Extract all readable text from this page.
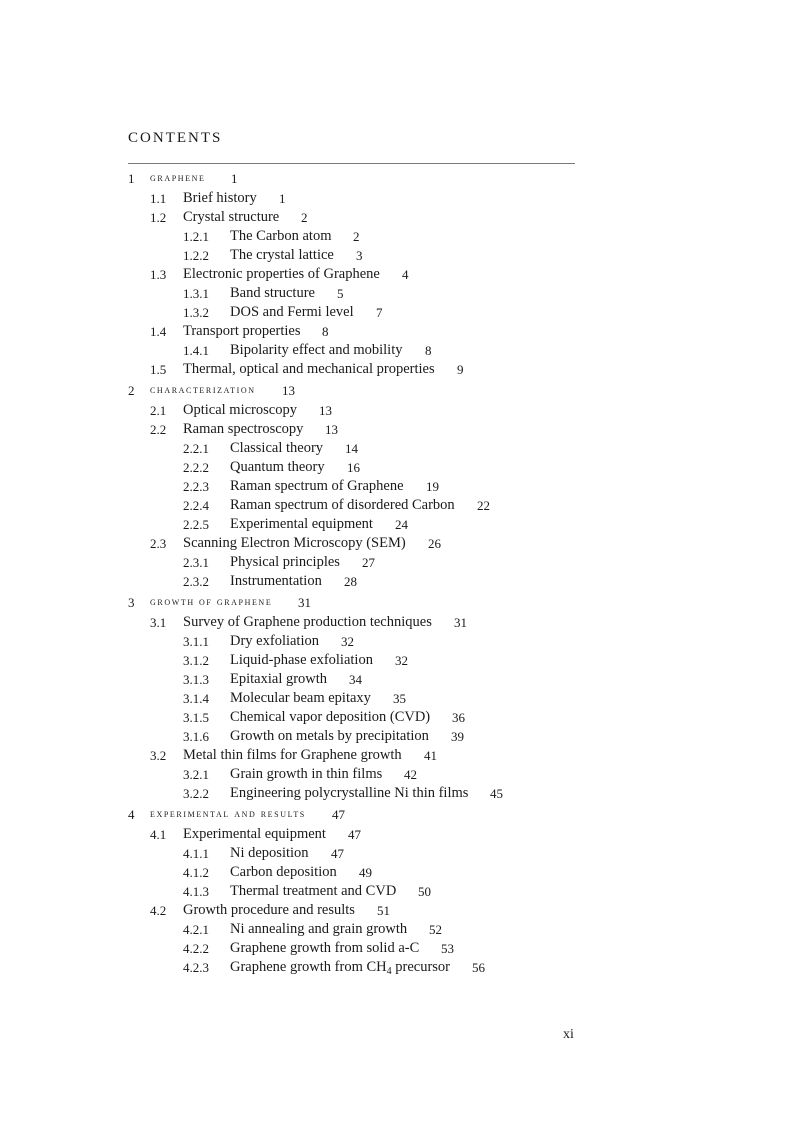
CONTENTS
1 graphene 1
1.1 Brief history 1
1.2 Crystal structure 2
1.2.1 The Carbon atom 2
1.2.2 The crystal lattice 3
1.3 Electronic properties of Graphene 4
1.3.1 Band structure 5
1.3.2 DOS and Fermi level 7
1.4 Transport properties 8
1.4.1 Bipolarity effect and mobility 8
1.5 Thermal, optical and mechanical properties 9
2 characterization 13
2.1 Optical microscopy 13
2.2 Raman spectroscopy 13
2.2.1 Classical theory 14
2.2.2 Quantum theory 16
2.2.3 Raman spectrum of Graphene 19
2.2.4 Raman spectrum of disordered Carbon 22
2.2.5 Experimental equipment 24
2.3 Scanning Electron Microscopy (SEM) 26
2.3.1 Physical principles 27
2.3.2 Instrumentation 28
3 growth of graphene 31
3.1 Survey of Graphene production techniques 31
3.1.1 Dry exfoliation 32
3.1.2 Liquid-phase exfoliation 32
3.1.3 Epitaxial growth 34
3.1.4 Molecular beam epitaxy 35
3.1.5 Chemical vapor deposition (CVD) 36
3.1.6 Growth on metals by precipitation 39
3.2 Metal thin films for Graphene growth 41
3.2.1 Grain growth in thin films 42
3.2.2 Engineering polycrystalline Ni thin films 45
4 experimental and results 47
4.1 Experimental equipment 47
4.1.1 Ni deposition 47
4.1.2 Carbon deposition 49
4.1.3 Thermal treatment and CVD 50
4.2 Growth procedure and results 51
4.2.1 Ni annealing and grain growth 52
4.2.2 Graphene growth from solid a-C 53
4.2.3 Graphene growth from $CH_4$ precursor 56
xi
